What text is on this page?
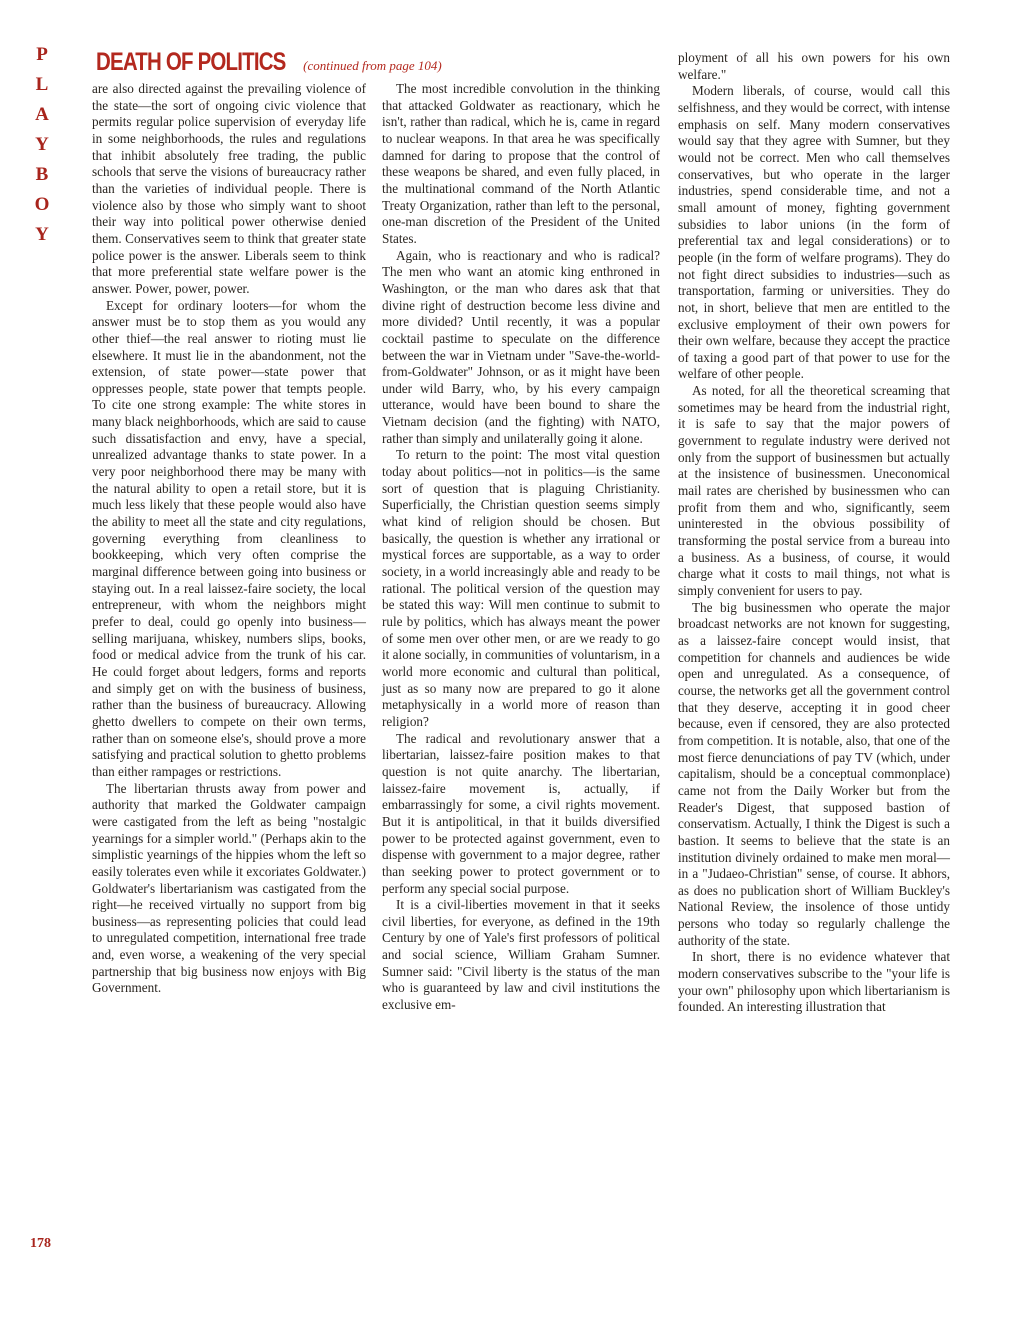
P
L
A
Y
B
O
Y
DEATH OF POLITICS (continued from page 104)

are also directed against the prevailing violence of the state—the sort of ongoing civic violence that permits regular police supervision of everyday life in some neighborhoods, the rules and regulations that inhibit absolutely free trading, the public schools that serve the visions of bureaucracy rather than the varieties of individual people. There is violence also by those who simply want to shoot their way into political power otherwise denied them. Conservatives seem to think that greater state police power is the answer. Liberals seem to think that more preferential state welfare power is the answer. Power, power, power.

Except for ordinary looters—for whom the answer must be to stop them as you would any other thief—the real answer to rioting must lie elsewhere. It must lie in the abandonment, not the extension, of state power—state power that oppresses people, state power that tempts people. To cite one strong example: The white stores in many black neighborhoods, which are said to cause such dissatisfaction and envy, have a special, unrealized advantage thanks to state power. In a very poor neighborhood there may be many with the natural ability to open a retail store, but it is much less likely that these people would also have the ability to meet all the state and city regulations, governing everything from cleanliness to bookkeeping, which very often comprise the marginal difference between going into business or staying out. In a real laissez-faire society, the local entrepreneur, with whom the neighbors might prefer to deal, could go openly into business—selling marijuana, whiskey, numbers slips, books, food or medical advice from the trunk of his car. He could forget about ledgers, forms and reports and simply get on with the business of business, rather than the business of bureaucracy. Allowing ghetto dwellers to compete on their own terms, rather than on someone else's, should prove a more satisfying and practical solution to ghetto problems than either rampages or restrictions.

The libertarian thrusts away from power and authority that marked the Goldwater campaign were castigated from the left as being "nostalgic yearnings for a simpler world." (Perhaps akin to the simplistic yearnings of the hippies whom the left so easily tolerates even while it excoriates Goldwater.) Goldwater's libertarianism was castigated from the right—he received virtually no support from big business—as representing policies that could lead to unregulated competition, international free trade and, even worse, a weakening of the very special partnership that big business now enjoys with Big Government.

The most incredible convolution in the thinking that attacked Goldwater as reactionary, which he isn't, rather than radical, which he is, came in regard to nuclear weapons. In that area he was specifically damned for daring to propose that the control of these weapons be shared, and even fully placed, in the multinational command of the North Atlantic Treaty Organization, rather than left to the personal, one-man discretion of the President of the United States.

Again, who is reactionary and who is radical? The men who want an atomic king enthroned in Washington, or the man who dares ask that that divine right of destruction become less divine and more divided? Until recently, it was a popular cocktail pastime to speculate on the difference between the war in Vietnam under "Save-the-world-from-Goldwater" Johnson, or as it might have been under wild Barry, who, by his every campaign utterance, would have been bound to share the Vietnam decision (and the fighting) with NATO, rather than simply and unilaterally going it alone.

To return to the point: The most vital question today about politics—not in politics—is the same sort of question that is plaguing Christianity. Superficially, the Christian question seems simply what kind of religion should be chosen. But basically, the question is whether any irrational or mystical forces are supportable, as a way to order society, in a world increasingly able and ready to be rational. The political version of the question may be stated this way: Will men continue to submit to rule by politics, which has always meant the power of some men over other men, or are we ready to go it alone socially, in communities of voluntarism, in a world more economic and cultural than political, just as so many now are prepared to go it alone metaphysically in a world more of reason than religion?

The radical and revolutionary answer that a libertarian, laissez-faire position makes to that question is not quite anarchy. The libertarian, laissez-faire movement is, actually, if embarrassingly for some, a civil rights movement. But it is antipolitical, in that it builds diversified power to be protected against government, even to dispense with government to a major degree, rather than seeking power to protect government or to perform any special social purpose.

It is a civil-liberties movement in that it seeks civil liberties, for everyone, as defined in the 19th Century by one of Yale's first professors of political and social science, William Graham Sumner. Sumner said: "Civil liberty is the status of the man who is guaranteed by law and civil institutions the exclusive em-

ployment of all his own powers for his own welfare."

Modern liberals, of course, would call this selfishness, and they would be correct, with intense emphasis on self. Many modern conservatives would say that they agree with Sumner, but they would not be correct. Men who call themselves conservatives, but who operate in the larger industries, spend considerable time, and not a small amount of money, fighting government subsidies to labor unions (in the form of preferential tax and legal considerations) or to people (in the form of welfare programs). They do not fight direct subsidies to industries—such as transportation, farming or universities. They do not, in short, believe that men are entitled to the exclusive employment of their own powers for their own welfare, because they accept the practice of taxing a good part of that power to use for the welfare of other people.

As noted, for all the theoretical screaming that sometimes may be heard from the industrial right, it is safe to say that the major powers of government to regulate industry were derived not only from the support of businessmen but actually at the insistence of businessmen. Uneconomical mail rates are cherished by businessmen who can profit from them and who, significantly, seem uninterested in the obvious possibility of transforming the postal service from a bureau into a business. As a business, of course, it would charge what it costs to mail things, not what is simply convenient for users to pay.

The big businessmen who operate the major broadcast networks are not known for suggesting, as a laissez-faire concept would insist, that competition for channels and audiences be wide open and unregulated. As a consequence, of course, the networks get all the government control that they deserve, accepting it in good cheer because, even if censored, they are also protected from competition. It is notable, also, that one of the most fierce denunciations of pay TV (which, under capitalism, should be a conceptual commonplace) came not from the Daily Worker but from the Reader's Digest, that supposed bastion of conservatism. Actually, I think the Digest is such a bastion. It seems to believe that the state is an institution divinely ordained to make men moral—in a "Judaeo-Christian" sense, of course. It abhors, as does no publication short of William Buckley's National Review, the insolence of those untidy persons who today so regularly challenge the authority of the state.

In short, there is no evidence whatever that modern conservatives subscribe to the "your life is your own" philosophy upon which libertarianism is founded. An interesting illustration that

178
